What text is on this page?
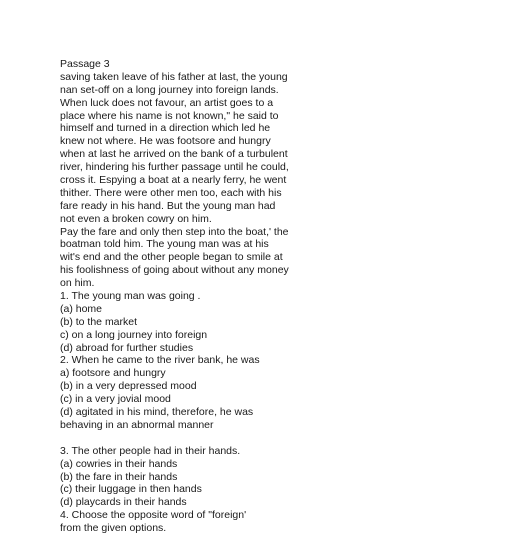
Passage 3
saving taken leave of his father at last, the young
nan set-off on a long journey into foreign lands.
When luck does not favour, an artist goes to a
place where his name is not known," he said to
himself and turned in a direction which led he
knew not where. He was footsore and hungry
when at last he arrived on the bank of a turbulent
river, hindering his further passage until he could,
cross it. Espying a boat at a nearly ferry, he went
thither. There were other men too, each with his
fare ready in his hand. But the young man had
not even a broken cowry on him.
Pay the fare and only then step into the boat,' the
boatman told him. The young man was at his
wit's end and the other people began to smile at
his foolishness of going about without any money
on him.
1. The young man was going .
(a) home
(b) to the market
c) on a long journey into foreign
(d) abroad for further studies
2. When he came to the river bank, he was
a) footsore and hungry
(b) in a very depressed mood
(c) in a very jovial mood
(d) agitated in his mind, therefore, he was
behaving in an abnormal manner
3. The other people had in their hands.
(a) cowries in their hands
(b) the fare in their hands
(c) their luggage in then hands
(d) playcards in their hands
4. Choose the opposite word of "foreign'
from the given options.
